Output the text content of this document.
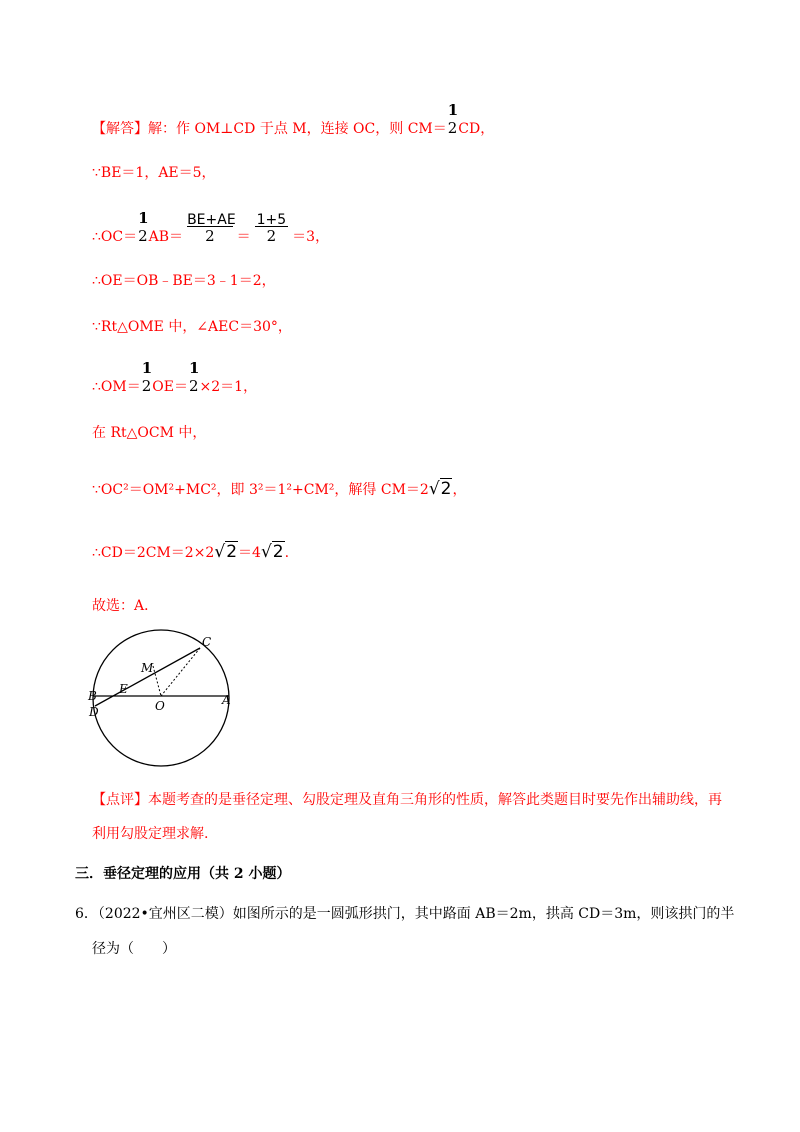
【解答】解：作 OM⊥CD 于点 M，连接 OC，则 CM＝
1
2CD，
∵BE＝1，AE＝5，
∴OC＝
1
$2AB= \frac{BE+AE}{2} = \frac{1+5}{2} =3$，
∴OE＝OB﹣BE＝3﹣1＝2，
∵Rt△OME 中，∠AEC＝30°，
∴OM＝
1
2OE＝
1
2×2＝1，
在 Rt△OCM 中，
∵OC²＝OM²+MC²，即 3²＝1²+CM²，解得 CM＝2√2，
∴CD＝2CM＝2×2√2＝4√2.
故选：A．
C
M
E
B
D	O	A
【点评】本题考查的是垂径定理、勾股定理及直角三角形的性质，解答此类题目时要先作出辅助线，再
利用勾股定理求解.
三．垂径定理的应用（共 2 小题）
6．（2022•宜州区二模）如图所示的是一圆弧形拱门，其中路面 AB＝2m，拱高 CD＝3m，则该拱门的半
径为（　　）
